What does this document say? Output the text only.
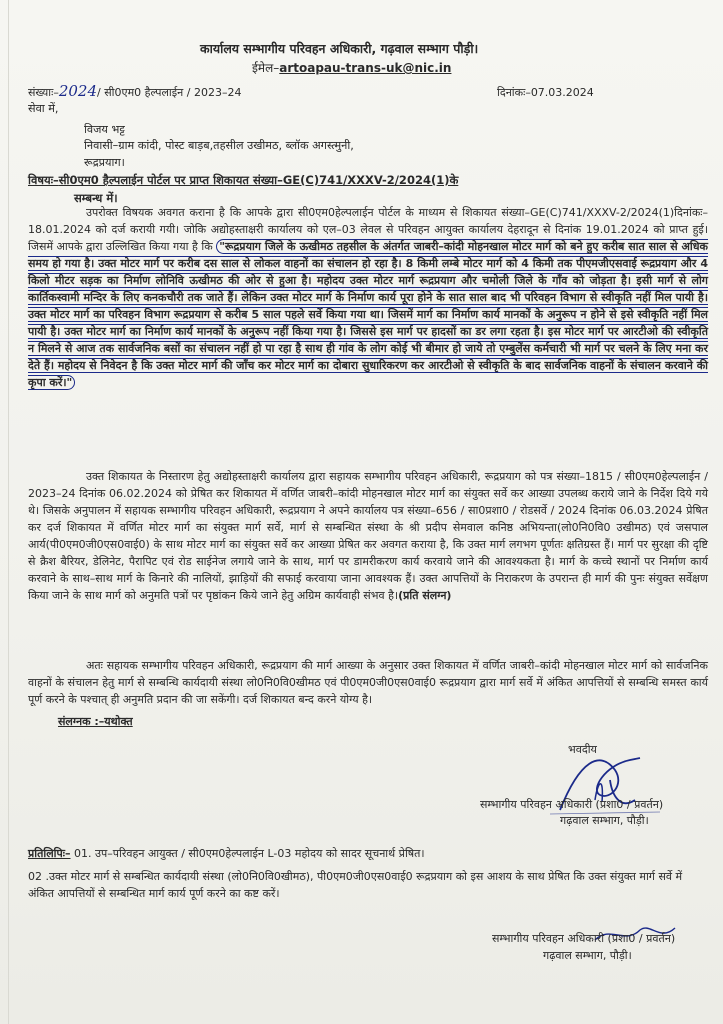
कार्यालय सम्भागीय परिवहन अधिकारी, गढ़वाल सम्भाग पौड़ी।
ईमेल–artoapau-trans-uk@nic.in
संख्याः–2024/ सी0एम0 हैल्पलाईन / 2023–24	दिनांकः–07.03.2024
सेवा में,
विजय भट्ट
निवासी–ग्राम कांदी, पोस्ट बाड़ब,तहसील उखीमठ, ब्लॉक अगस्त्मुनी,
रूद्रप्रयाग।
विषयः–सी0एम0 हैल्पलाईन पोर्टल पर प्राप्त शिकायत संख्या–GE(C)741/XXXV-2/2024(1)के
सम्बन्ध में।
उपरोक्त विषयक अवगत कराना है कि आपके द्वारा सी0एम0हेल्पलाईन पोर्टल के माध्यम से शिकायत संख्या–GE(C)741/XXXV-2/2024(1)दिनांकः–18.01.2024 को दर्ज करायी गयी। जोकि अद्योहस्ताक्षरी कार्यालय को एल–03 लेवल से परिवहन आयुक्त कार्यालय देहरादून से दिनांक 19.01.2024 को प्राप्त हुई। जिसमें आपके द्वारा उल्लिखित किया गया है कि "रूद्रप्रयाग जिले के ऊखीमठ तहसील के अंतर्गत जाबरी–कांदी मोहनखाल मोटर मार्ग को बने हुए करीब सात साल से अधिक समय हो गया है। उक्त मोटर मार्ग पर करीब दस साल से लोकल वाहनों का संचालन हो रहा है। 8 किमी लम्बे मोटर मार्ग को 4 किमी तक पीएमजीएसवाई रूद्रप्रयाग और 4 किलो मीटर सड़क का निर्माण लोनिवि ऊखीमठ की ओर से हुआ है। महोदय उक्त मोटर मार्ग रूद्रप्रयाग और चमोली जिले के गाँव को जोड़ता है। इसी मार्ग से लोग कार्तिकस्वामी मन्दिर के लिए कनकचौरी तक जाते हैं। लेकिन उक्त मोटर मार्ग के निर्माण कार्य पूरा होने के सात साल बाद भी परिवहन विभाग से स्वीकृति नहीं मिल पायी है। उक्त मोटर मार्ग का परिवहन विभाग रूद्रप्रयाग से करीब 5 साल पहले सर्वे किया गया था। जिसमें मार्ग का निर्माण कार्य मानकों के अनुरूप न होने से इसे स्वीकृति नहीं मिल पायी है। उक्त मोटर मार्ग का निर्माण कार्य मानकों के अनुरूप नहीं किया गया है। जिससे इस मार्ग पर हादसों का डर लगा रहता है। इस मोटर मार्ग पर आरटीओ की स्वीकृति न मिलने से आज तक सार्वजनिक बसों का संचालन नहीं हो पा रहा है साथ ही गांव के लोग कोई भी बीमार हो जाये तो एम्बुलेंस कर्मचारी भी मार्ग पर चलने के लिए मना कर देते हैं। महोदय से निवेदन है कि उक्त मोटर मार्ग की जाँच कर मोटर मार्ग का दोबारा सुधारिकरण कर आरटीओ से स्वीकृति के बाद सार्वजनिक वाहनों के संचालन करवाने की कृपा करें।"
उक्त शिकायत के निस्तारण हेतु अद्योहस्ताक्षरी कार्यालय द्वारा सहायक सम्भागीय परिवहन अधिकारी, रूद्रप्रयाग को पत्र संख्या–1815 / सी0एम0हेल्पलाईन / 2023–24 दिनांक 06.02.2024 को प्रेषित कर शिकायत में वर्णित जाबरी–कांदी मोहनखाल मोटर मार्ग का संयुक्त सर्वे कर आख्या उपलब्ध कराये जाने के निर्देश दिये गये थे। जिसके अनुपालन में सहायक सम्भागीय परिवहन अधिकारी, रूद्रप्रयाग ने अपने कार्यालय पत्र संख्या–656 / सा0प्रशा0 / रोडसर्वे / 2024 दिनांक 06.03.2024 प्रेषित कर दर्ज शिकायत में वर्णित मोटर मार्ग का संयुक्त मार्ग सर्वे, मार्ग से सम्बन्धित संस्था के श्री प्रदीप सेमवाल कनिष्ठ अभियन्ता(लो0नि0वि0 उखीमठ) एवं जसपाल आर्य(पी0एम0जी0एस0वाई0) के साथ मोटर मार्ग का संयुक्त सर्वे कर आख्या प्रेषित कर अवगत कराया है, कि उक्त मार्ग लगभग पूर्णतः क्षतिग्रस्त हैं। मार्ग पर सुरक्षा की दृष्टि से क्रैश बैरियर, डेलिनेट, पैरापिट एवं रोड साईनेज लगाये जाने के साथ, मार्ग पर डामरीकरण कार्य करवाये जाने की आवश्यकता है। मार्ग के कच्चे स्थानों पर निर्माण कार्य करवाने के साथ–साथ मार्ग के किनारे की नालियों, झाड़ियों की सफाई करवाया जाना आवश्यक हैं। उक्त आपत्तियों के निराकरण के उपरान्त ही मार्ग की पुनः संयुक्त सर्वेक्षण किया जाने के साथ मार्ग को अनुमति पत्रों पर पृष्ठांकन किये जाने हेतु अग्रिम कार्यवाही संभव है।(प्रति संलग्न)
अतः सहायक सम्भागीय परिवहन अधिकारी, रूद्रप्रयाग की मार्ग आख्या के अनुसार उक्त शिकायत में वर्णित जाबरी–कांदी मोहनखाल मोटर मार्ग को सार्वजनिक वाहनों के संचालन हेतु मार्ग से सम्बन्धि कार्यदायी संस्था लो0नि0वि0खीमठ एवं पी0एम0जी0एस0वाई0 रूद्रप्रयाग द्वारा मार्ग सर्वे में अंकित आपत्तियों से सम्बन्धि समस्त कार्य पूर्ण करने के पश्चात् ही अनुमति प्रदान की जा सकेंगी। दर्ज शिकायत बन्द करने योग्य है।
संलग्नक :–यथोक्त
भवदीय
सम्भागीय परिवहन अधिकारी (प्रशा0 / प्रवर्तन)
गढ़वाल सम्भाग, पौड़ी।
प्रतिलिपिः– 01. उप–परिवहन आयुक्त / सी0एम0हेल्पलाईन L-03 महोदय को सादर सूचनार्थ प्रेषित।
02 .उक्त मोटर मार्ग से सम्बन्धित कार्यदायी संस्था (लो0नि0वि0खीमठ), पी0एम0जी0एस0वाई0 रूद्रप्रयाग को इस आशय के साथ प्रेषित कि उक्त संयुक्त मार्ग सर्वे में अंकित आपत्तियों से सम्बन्धित मार्ग कार्य पूर्ण करने का कष्ट करें।
सम्भागीय परिवहन अधिकारी (प्रशा0 / प्रवर्तन)
गढ़वाल सम्भाग, पौड़ी।
